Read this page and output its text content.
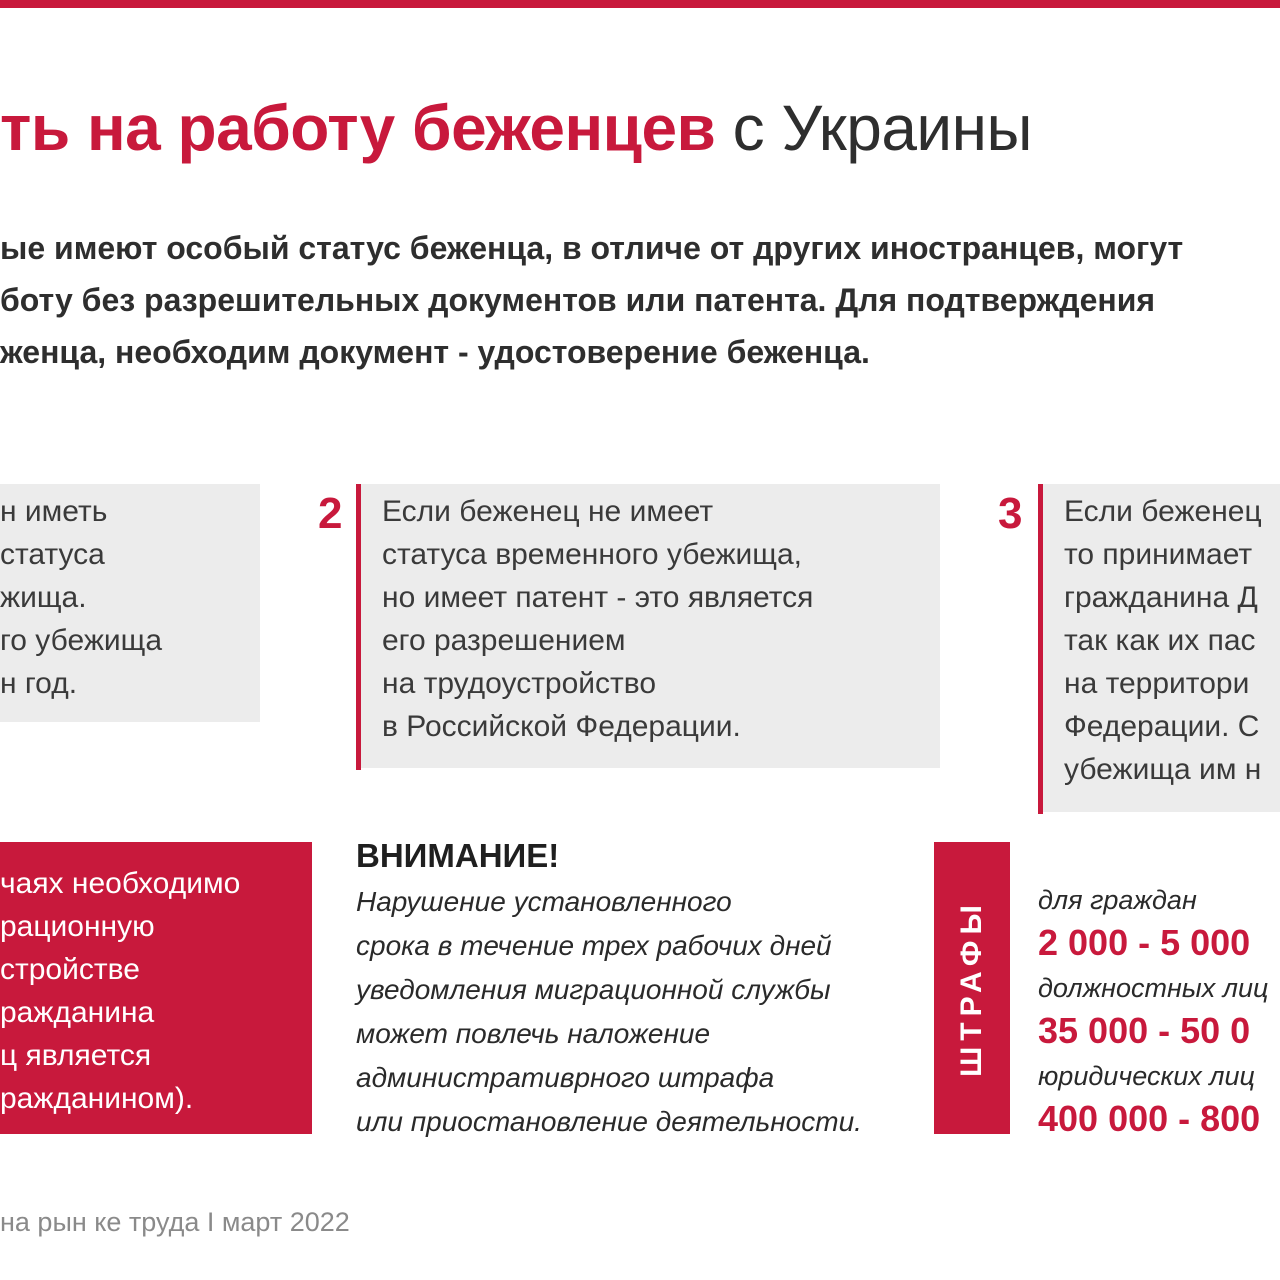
ть на работу беженцев с Украины

ые имеют особый статус беженца, в отличе от других иностранцев, могут
боту без разрешительных документов или патента. Для подтверждения
женца, необходим документ - удостоверение беженца.

н иметь
статуса
жища.
го убежища
н год.

2 Если беженец не имеет
статуса временного убежища,
но имеет патент - это является
его разрешением
на трудоустройство
в Российской Федерации.

3 Если беженец
то принимает
гражданина Д
так как их пас
на территори
Федерации. С
убежища им н

чаях необходимо
рационную
стройстве
ражданина
ц является
ражданином).

ВНИМАНИЕ!

Нарушение установленного
срока в течение трех рабочих дней
уведомления миграционной службы
может повлечь наложение
административрного штрафа
или приостановление деятельности.

ШТРАФЫ для граждан

2 000 - 5 000

должностных лиц

35 000 - 50 0

юридических лиц

400 000 - 800

на рын ке труда I март 2022
